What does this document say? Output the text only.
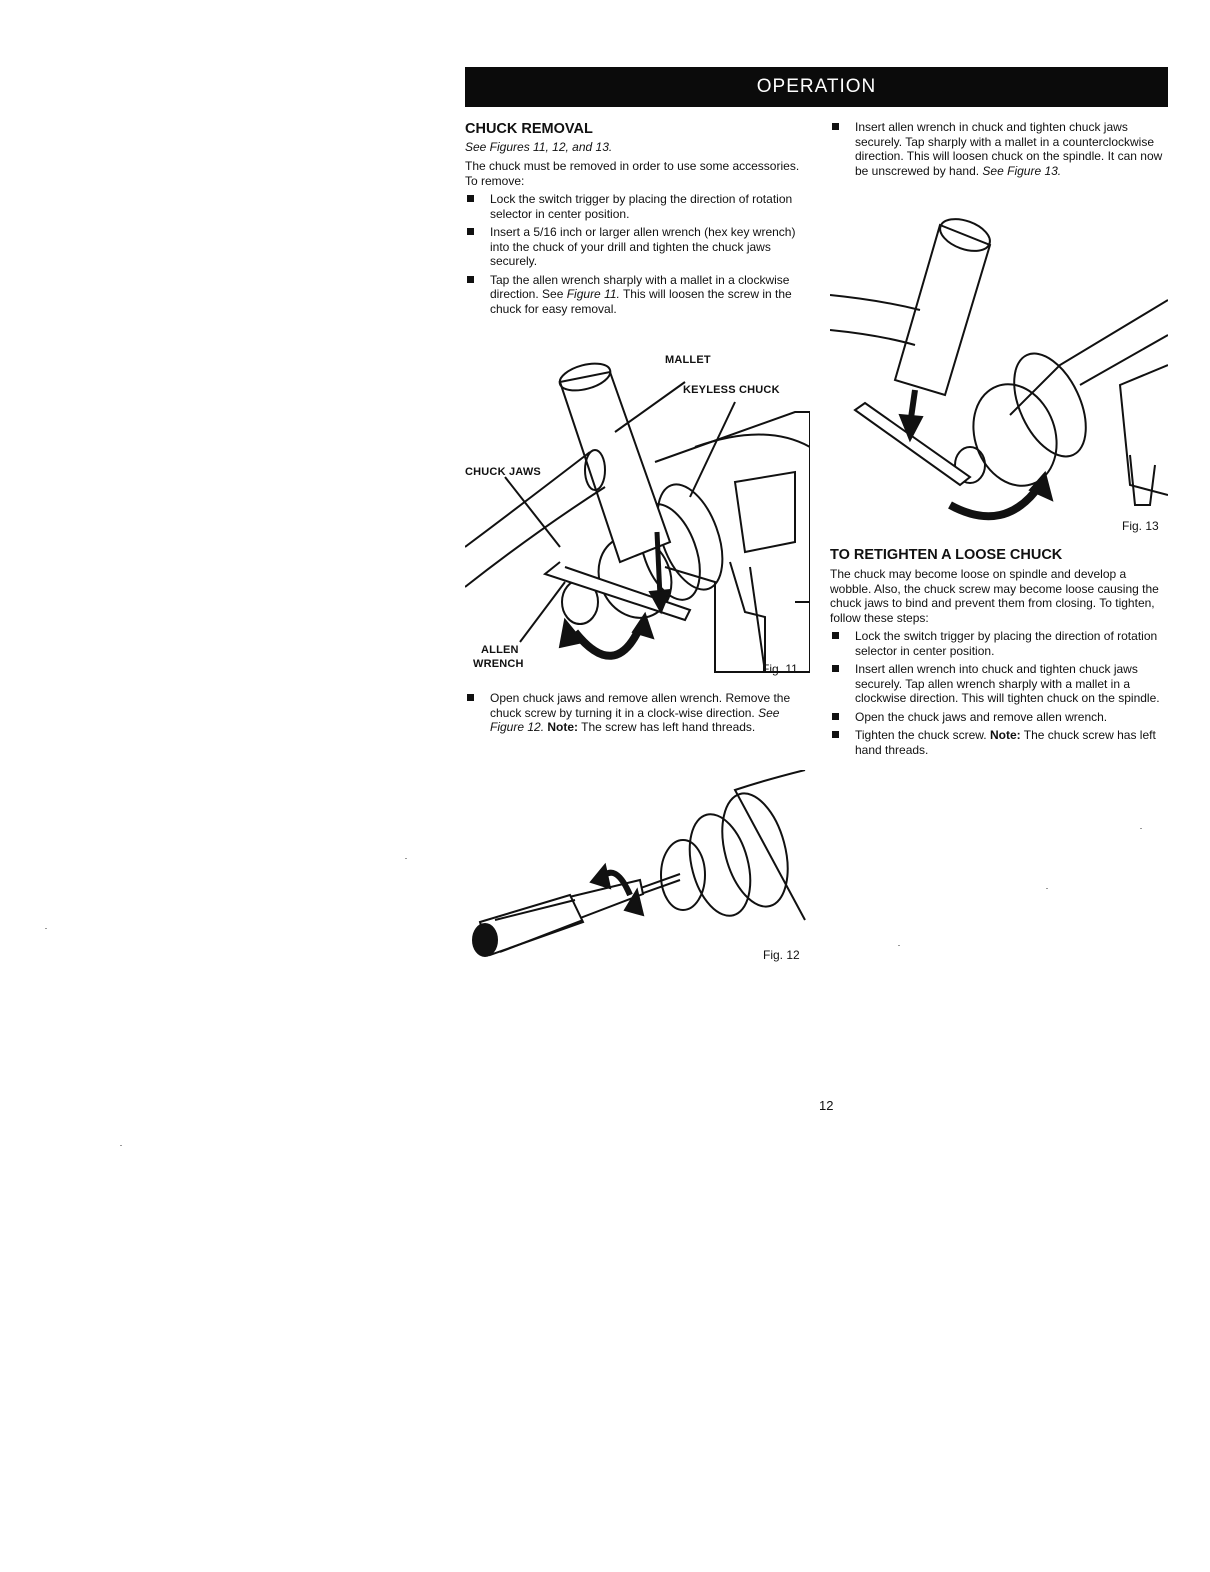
OPERATION
CHUCK REMOVAL
See Figures 11, 12, and 13.

The chuck must be removed in order to use some accessories. To remove:

Lock the switch trigger by placing the direction of rotation selector in center position.
Insert a 5/16 inch or larger allen wrench (hex key wrench) into the chuck of your drill and tighten the chuck jaws securely.
Tap the allen wrench sharply with a mallet in a clockwise direction. See Figure 11. This will loosen the screw in the chuck for easy removal.
MALLET
KEYLESS CHUCK
CHUCK JAWS
ALLEN
WRENCH	Fig. 11
Open chuck jaws and remove allen wrench. Remove the chuck screw by turning it in a clock-wise direction. See Figure 12. Note: The screw has left hand threads.
Fig. 12
Insert allen wrench in chuck and tighten chuck jaws securely. Tap sharply with a mallet in a counterclockwise direction. This will loosen chuck on the spindle. It can now be unscrewed by hand. See Figure 13.
Fig. 13
TO RETIGHTEN A LOOSE CHUCK

The chuck may become loose on spindle and develop a wobble. Also, the chuck screw may become loose causing the chuck jaws to bind and prevent them from closing. To tighten, follow these steps:

Lock the switch trigger by placing the direction of rotation selector in center position.
Insert allen wrench into chuck and tighten chuck jaws securely. Tap allen wrench sharply with a mallet in a clockwise direction. This will tighten chuck on the spindle.
Open the chuck jaws and remove allen wrench.
Tighten the chuck screw. Note: The chuck screw has left hand threads.
12
